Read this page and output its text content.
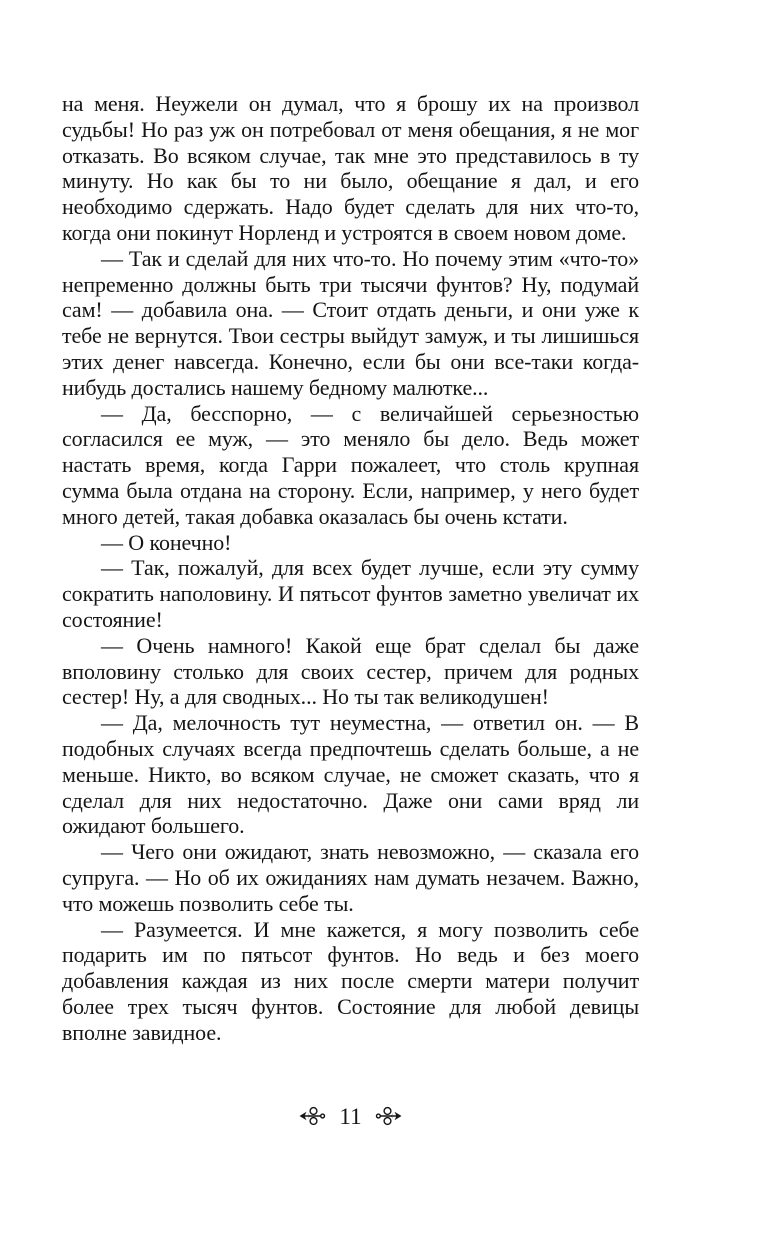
на меня. Неужели он думал, что я брошу их на произвол судьбы! Но раз уж он потребовал от меня обещания, я не мог отказать. Во всяком случае, так мне это представилось в ту минуту. Но как бы то ни было, обещание я дал, и его необходимо сдержать. Надо будет сделать для них что-то, когда они покинут Норленд и устроятся в своем новом доме.

— Так и сделай для них что-то. Но почему этим «что-то» непременно должны быть три тысячи фунтов? Ну, подумай сам! — добавила она. — Стоит отдать деньги, и они уже к тебе не вернутся. Твои сестры выйдут замуж, и ты лишишься этих денег навсегда. Конечно, если бы они все-таки когда-нибудь достались нашему бедному малютке...

— Да, бесспорно, — с величайшей серьезностью согласился ее муж, — это меняло бы дело. Ведь может настать время, когда Гарри пожалеет, что столь крупная сумма была отдана на сторону. Если, например, у него будет много детей, такая добавка оказалась бы очень кстати.

— О конечно!

— Так, пожалуй, для всех будет лучше, если эту сумму сократить наполовину. И пятьсот фунтов заметно увеличат их состояние!

— Очень намного! Какой еще брат сделал бы даже вполовину столько для своих сестер, причем для родных сестер! Ну, а для сводных... Но ты так великодушен!

— Да, мелочность тут неуместна, — ответил он. — В подобных случаях всегда предпочтешь сделать больше, а не меньше. Никто, во всяком случае, не сможет сказать, что я сделал для них недостаточно. Даже они сами вряд ли ожидают большего.

— Чего они ожидают, знать невозможно, — сказала его супруга. — Но об их ожиданиях нам думать незачем. Важно, что можешь позволить себе ты.

— Разумеется. И мне кажется, я могу позволить себе подарить им по пятьсот фунтов. Но ведь и без моего добавления каждая из них после смерти матери получит более трех тысяч фунтов. Состояние для любой девицы вполне завидное.

11
